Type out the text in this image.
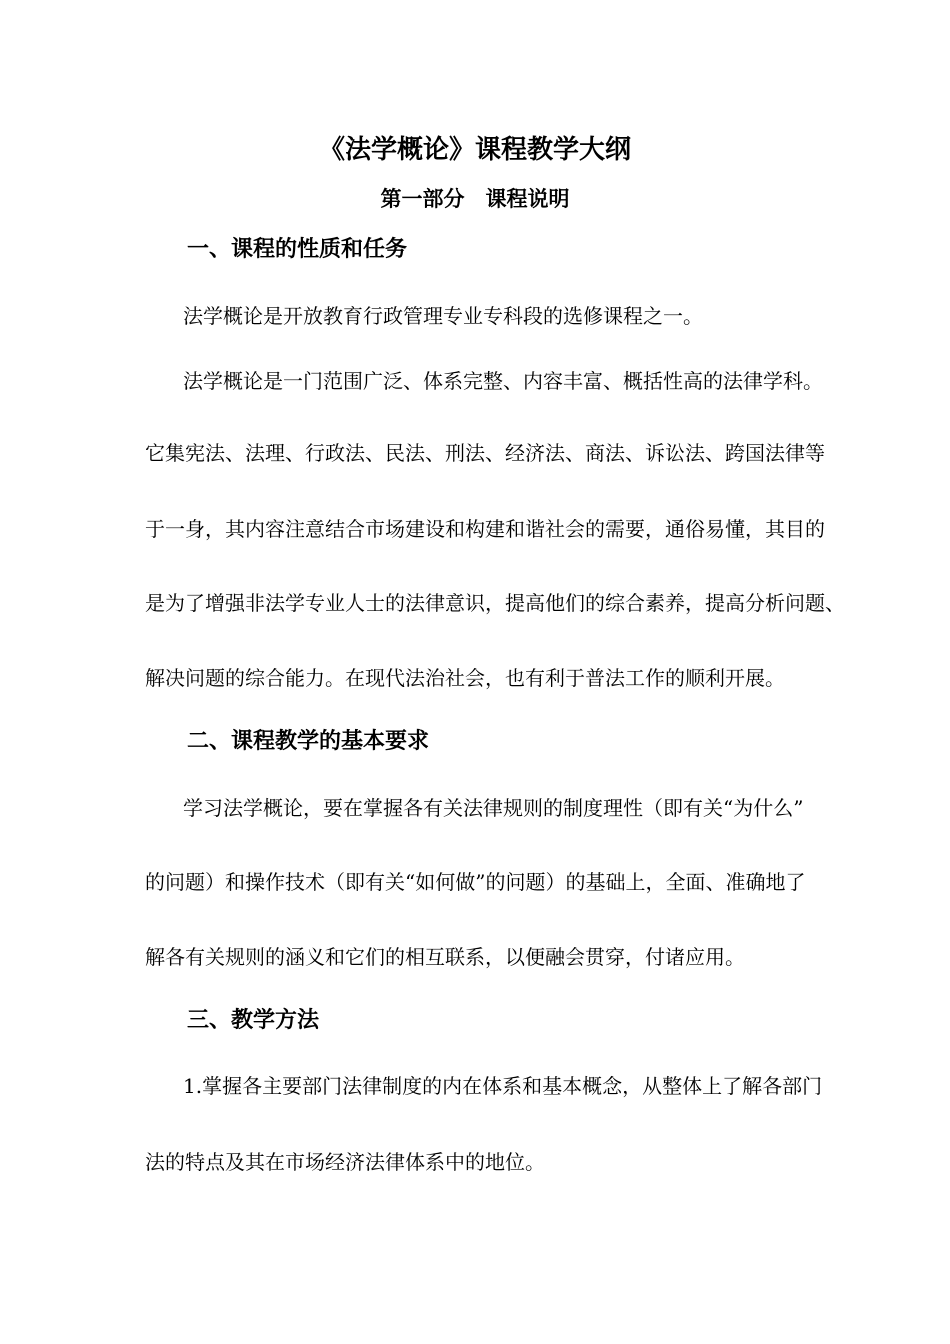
《法学概论》课程教学大纲
第一部分　课程说明
一、课程的性质和任务

法学概论是开放教育行政管理专业专科段的选修课程之一。

法学概论是一门范围广泛、体系完整、内容丰富、概括性高的法律学科。

它集宪法、法理、行政法、民法、刑法、经济法、商法、诉讼法、跨国法律等

于一身，其内容注意结合市场建设和构建和谐社会的需要，通俗易懂，其目的

是为了增强非法学专业人士的法律意识，提高他们的综合素养，提高分析问题、

解决问题的综合能力。在现代法治社会，也有利于普法工作的顺利开展。

二、课程教学的基本要求

学习法学概论，要在掌握各有关法律规则的制度理性（即有关“为什么”

的问题）和操作技术（即有关“如何做”的问题）的基础上，全面、准确地了

解各有关规则的涵义和它们的相互联系，以便融会贯穿，付诸应用。

三、教学方法

1.掌握各主要部门法律制度的内在体系和基本概念，从整体上了解各部门

法的特点及其在市场经济法律体系中的地位。
